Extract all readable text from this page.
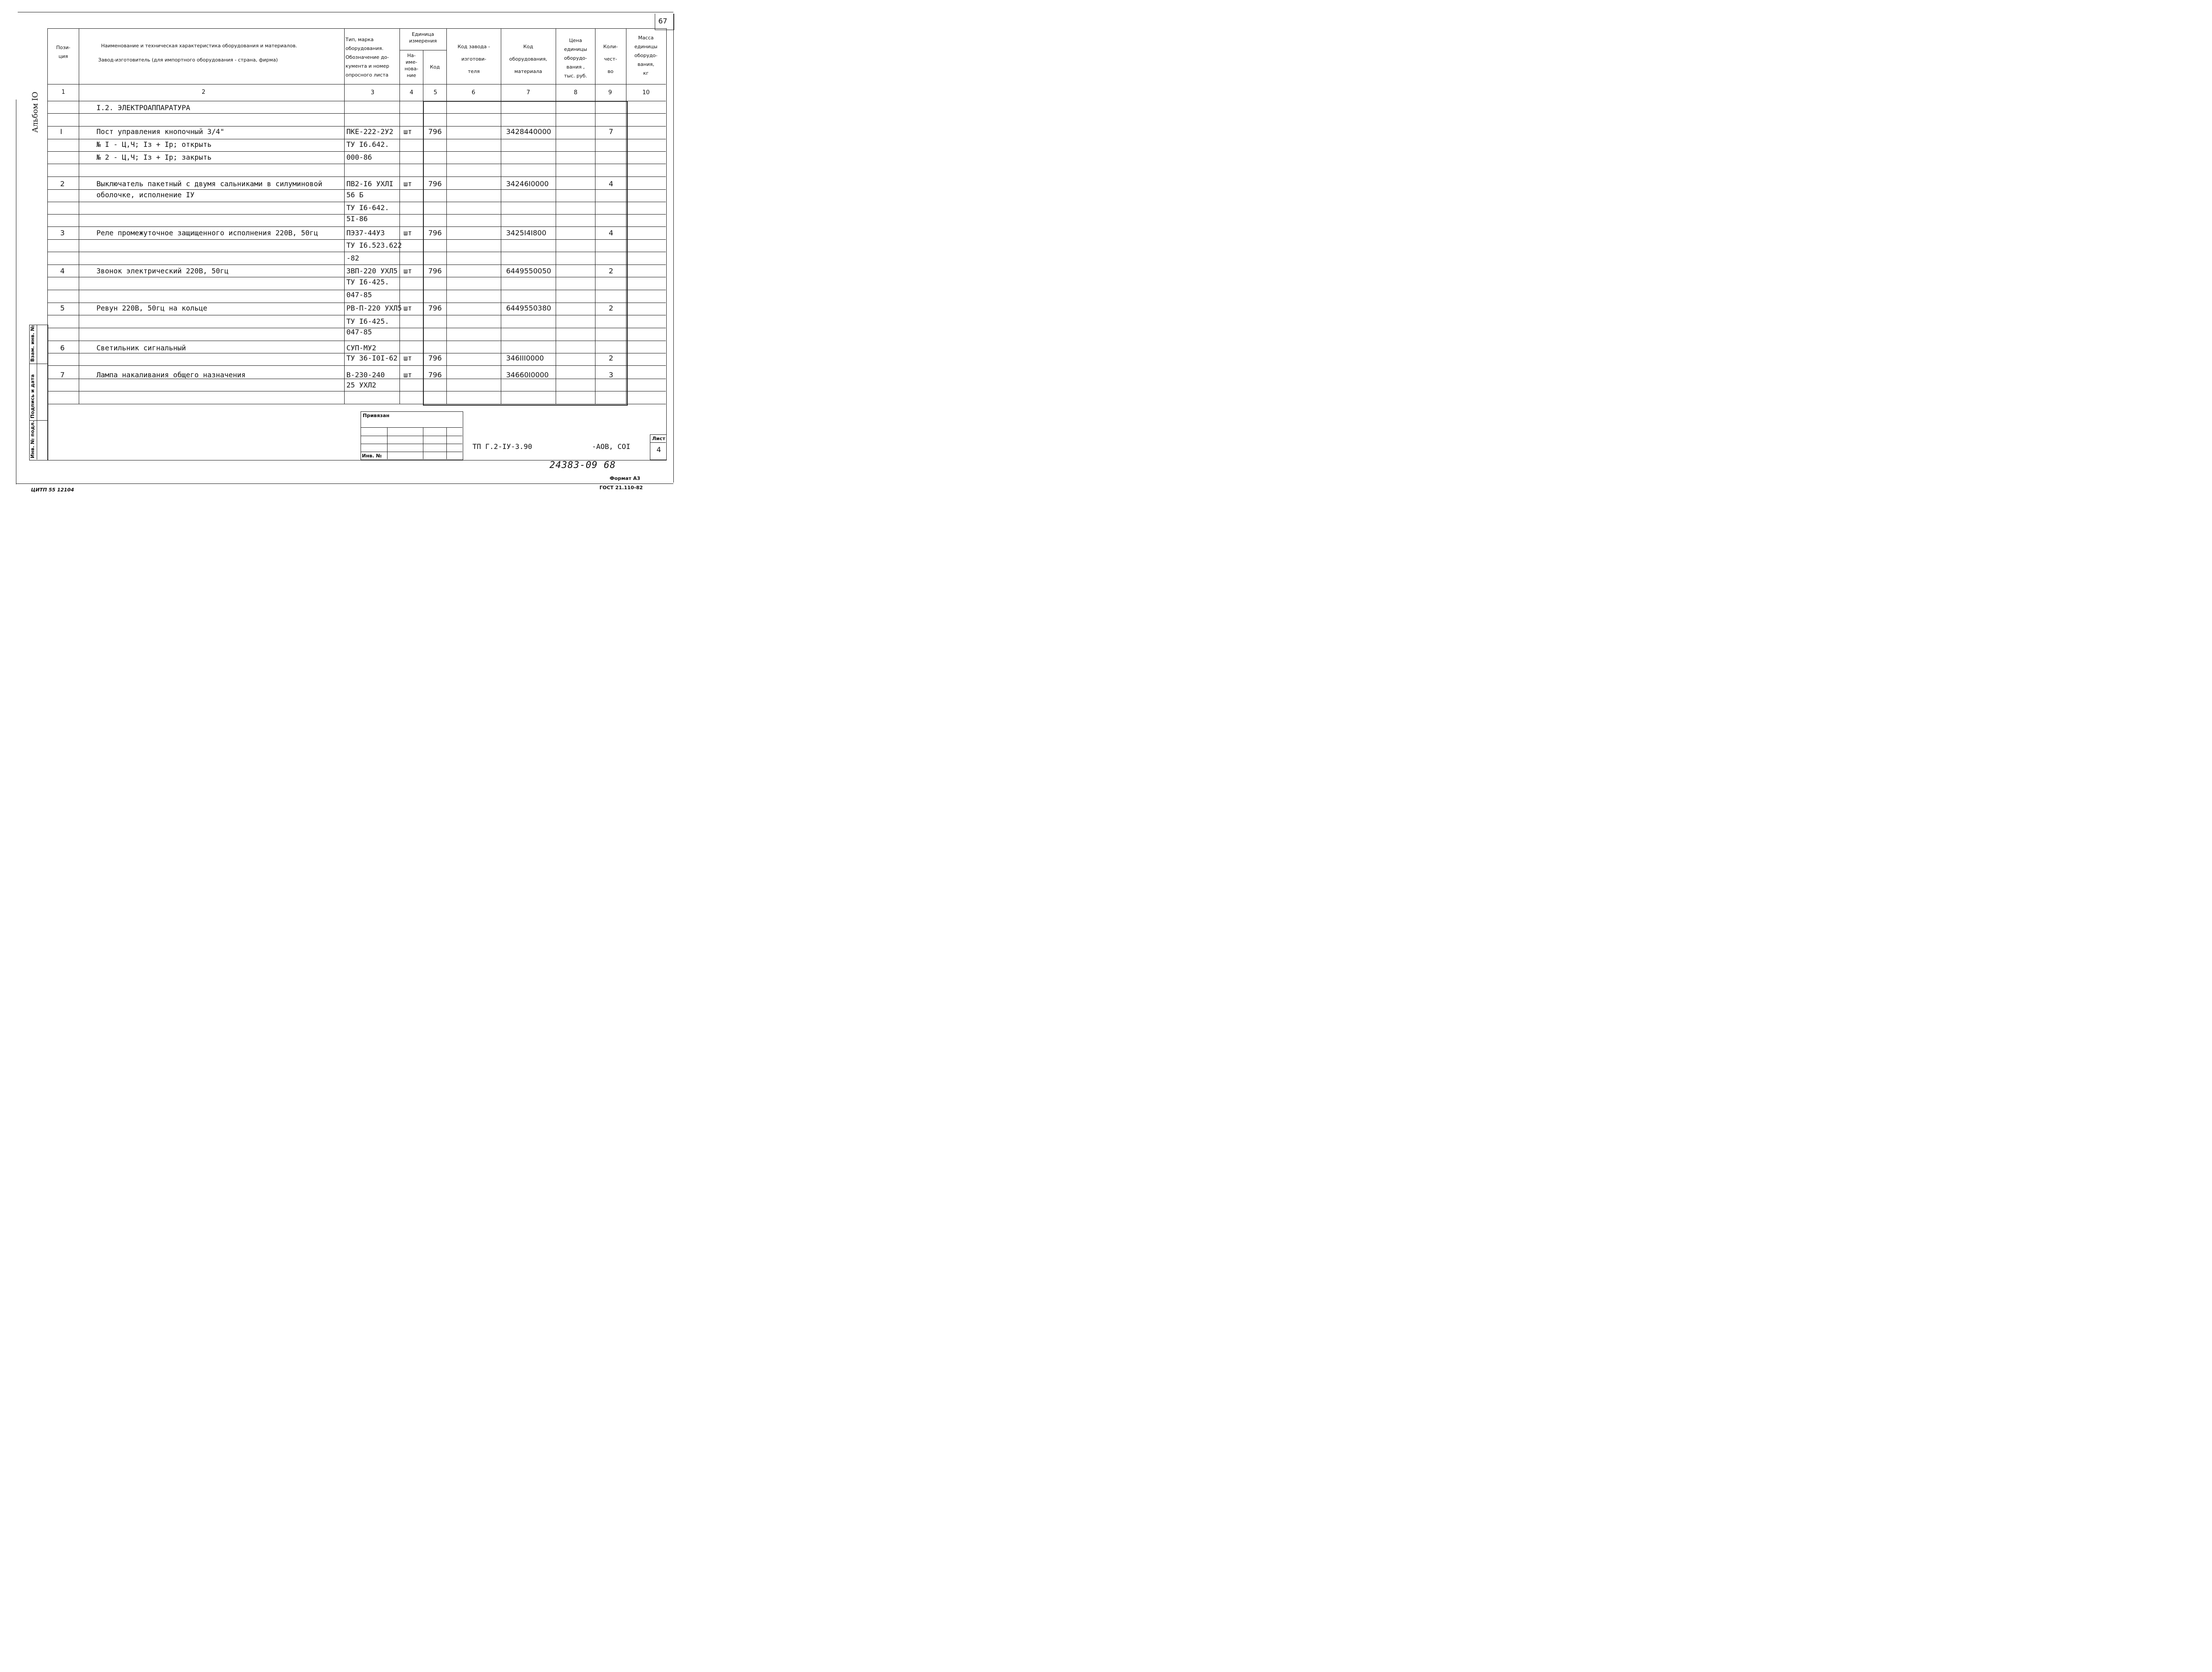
67
Альбом IO
Пози-
ция
Наименование и техническая характеристика оборудования и материалов.
Завод-изготовитель (для импортного оборудования - страна, фирма)
Тип, марка
оборудования.
Обозначение до-
кумента и номер
опросного листа
Единица
измерения
На-
име-
нова-
ние
Код
Код завода -
изготови-
теля
Код
оборудования,
материала
Цена
единицы
оборудо-
вания ,
тыс. руб.
Коли-
чест-
во
Масса
единицы
оборудо-
вания,
кг
1	2	3	4	5	6	7	8	9	10
I.2. ЭЛЕКТРОАППАРАТУРА
I	Пост управления кнопочный 3/4"	ПКЕ-222-2У2 шт 796	3428440000	7
№ I - Ц,Ч; Iз + Iр; открыть	ТУ I6.642.
№ 2 - Ц,Ч; Iз + Iр; закрыть	000-86
2	Выключатель пакетный с двумя сальниками в силуминовой	ПВ2-I6 УХЛI шт 796	34246I0000	4
оболочке, исполнение IУ	56 Б
ТУ I6-642.
5I-86
3	Реле промежуточное защищенного исполнения 220В, 50гц	ПЭ37-44У3	шт 796	3425I4I800	4
ТУ I6.523.622
-82
4	Звонок электрический 220В, 50гц	ЗВП-220 УХЛ5 шт 796	6449550050	2
ТУ I6-425.
047-85
5	Ревун 220В, 50гц на кольце	РВ-П-220 УХЛ5 шт 796	6449550380	2
ТУ I6-425.
047-85
6	Светильник сигнальный	СУП-МУ2
ТУ 36-I0I-62 шт 796	346III0000	2
7	Лампа накаливания общего назначения	В-230-240	шт 796	34660I0000	3
25 УХЛ2
Взам. инв. №
Подпись и дата
Инв. № подл.
Привязан
Инв. №
ТП Г.2-IУ-3.90	-АОВ, СОI
Лист
4
24383-09 68
Формат А3
ГОСТ 21.110-82
ЦИТП 55 12104
